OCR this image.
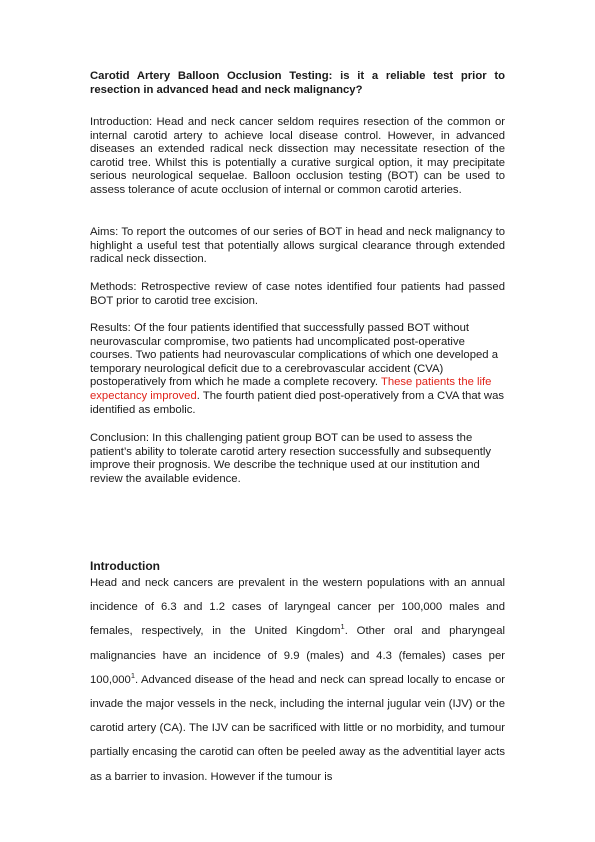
Carotid Artery Balloon Occlusion Testing: is it a reliable test prior to resection in advanced head and neck malignancy?

Introduction: Head and neck cancer seldom requires resection of the common or internal carotid artery to achieve local disease control. However, in advanced diseases an extended radical neck dissection may necessitate resection of the carotid tree. Whilst this is potentially a curative surgical option, it may precipitate serious neurological sequelae. Balloon occlusion testing (BOT) can be used to assess tolerance of acute occlusion of internal or common carotid arteries.

Aims: To report the outcomes of our series of BOT in head and neck malignancy to highlight a useful test that potentially allows surgical clearance through extended radical neck dissection.

Methods: Retrospective review of case notes identified four patients had passed BOT prior to carotid tree excision.

Results: Of the four patients identified that successfully passed BOT without neurovascular compromise, two patients had uncomplicated post-operative courses. Two patients had neurovascular complications of which one developed a temporary neurological deficit due to a cerebrovascular accident (CVA) postoperatively from which he made a complete recovery. These patients the life expectancy improved. The fourth patient died post-operatively from a CVA that was identified as embolic.

Conclusion: In this challenging patient group BOT can be used to assess the patient’s ability to tolerate carotid artery resection successfully and subsequently improve their prognosis. We describe the technique used at our institution and review the available evidence.

Introduction

Head and neck cancers are prevalent in the western populations with an annual incidence of 6.3 and 1.2 cases of laryngeal cancer per 100,000 males and females, respectively, in the United Kingdom$^1$. Other oral and pharyngeal malignancies have an incidence of 9.9 (males) and 4.3 (females) cases per 100,000$^1$. Advanced disease of the head and neck can spread locally to encase or invade the major vessels in the neck, including the internal jugular vein (IJV) or the carotid artery (CA). The IJV can be sacrificed with little or no morbidity, and tumour partially encasing the carotid can often be peeled away as the adventitial layer acts as a barrier to invasion. However if the tumour is
